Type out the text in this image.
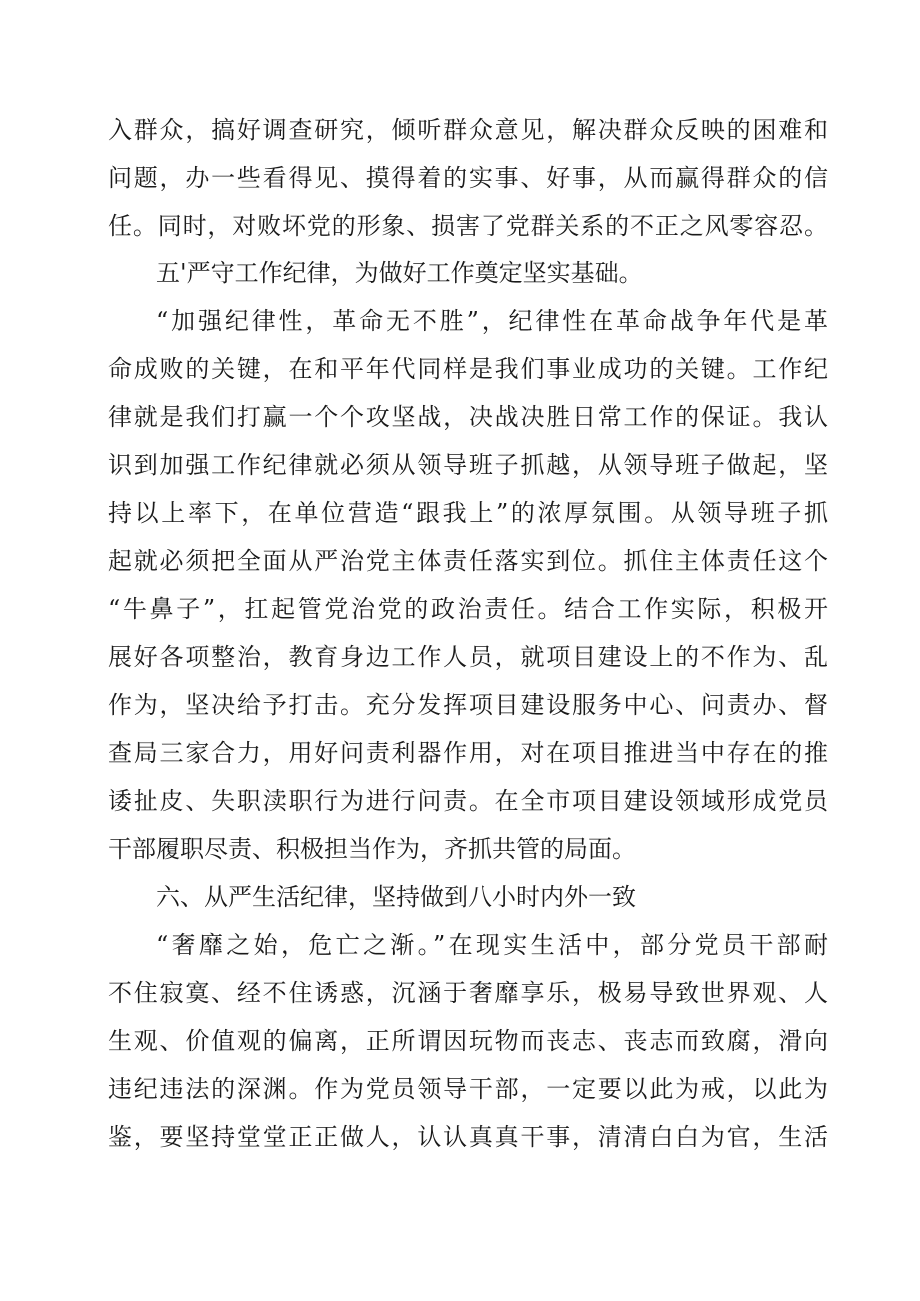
入群众，搞好调查研究，倾听群众意见，解决群众反映的困难和
问题，办一些看得见、摸得着的实事、好事，从而赢得群众的信
任。同时，对败坏党的形象、损害了党群关系的不正之风零容忍。
五'严守工作纪律，为做好工作奠定坚实基础。
“加强纪律性，革命无不胜”，纪律性在革命战争年代是革
命成败的关键，在和平年代同样是我们事业成功的关键。工作纪
律就是我们打赢一个个攻坚战，决战决胜日常工作的保证。我认
识到加强工作纪律就必须从领导班子抓越，从领导班子做起，坚
持以上率下，在单位营造“跟我上”的浓厚氛围。从领导班子抓
起就必须把全面从严治党主体责任落实到位。抓住主体责任这个
“牛鼻子”，扛起管党治党的政治责任。结合工作实际，积极开
展好各项整治，教育身边工作人员，就项目建设上的不作为、乱
作为，坚决给予打击。充分发挥项目建设服务中心、问责办、督
查局三家合力，用好问责利器作用，对在项目推进当中存在的推
诿扯皮、失职渎职行为进行问责。在全市项目建设领域形成党员
干部履职尽责、积极担当作为，齐抓共管的局面。
六、从严生活纪律，坚持做到八小时内外一致
“奢靡之始，危亡之渐。”在现实生活中，部分党员干部耐
不住寂寞、经不住诱惑，沉涵于奢靡享乐，极易导致世界观、人
生观、价值观的偏离，正所谓因玩物而丧志、丧志而致腐，滑向
违纪违法的深渊。作为党员领导干部，一定要以此为戒，以此为
鉴，要坚持堂堂正正做人，认认真真干事，清清白白为官，生活
